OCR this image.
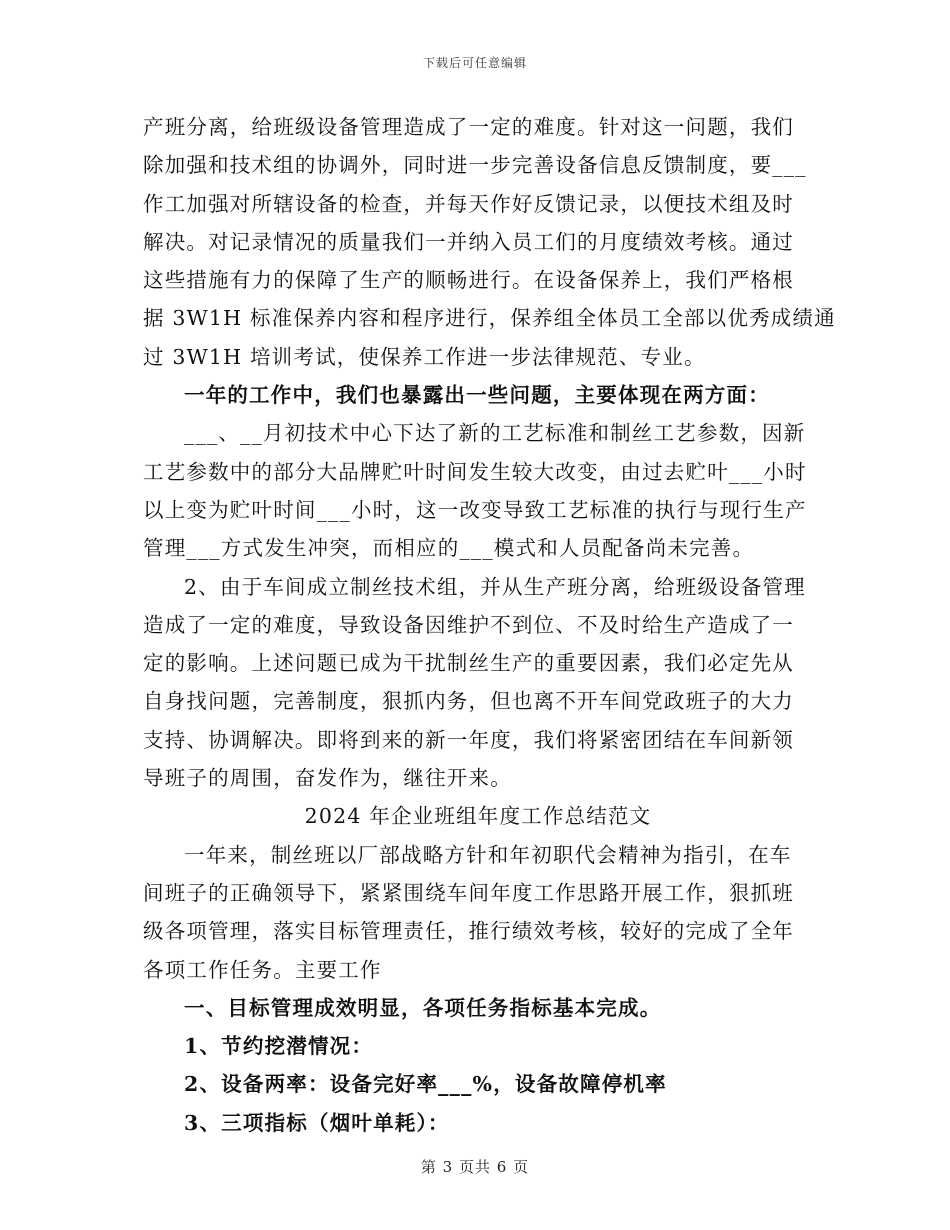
下载后可任意编辑
产班分离，给班级设备管理造成了一定的难度。针对这一问题，我们
除加强和技术组的协调外，同时进一步完善设备信息反馈制度，要___
作工加强对所辖设备的检查，并每天作好反馈记录，以便技术组及时
解决。对记录情况的质量我们一并纳入员工们的月度绩效考核。通过
这些措施有力的保障了生产的顺畅进行。在设备保养上，我们严格根
据 3W1H 标准保养内容和程序进行，保养组全体员工全部以优秀成绩通
过 3W1H 培训考试，使保养工作进一步法律规范、专业。
一年的工作中，我们也暴露出一些问题，主要体现在两方面：
___、__月初技术中心下达了新的工艺标准和制丝工艺参数，因新
工艺参数中的部分大品牌贮叶时间发生较大改变，由过去贮叶___小时
以上变为贮叶时间___小时，这一改变导致工艺标准的执行与现行生产
管理___方式发生冲突，而相应的___模式和人员配备尚未完善。
2、由于车间成立制丝技术组，并从生产班分离，给班级设备管理
造成了一定的难度，导致设备因维护不到位、不及时给生产造成了一
定的影响。上述问题已成为干扰制丝生产的重要因素，我们必定先从
自身找问题，完善制度，狠抓内务，但也离不开车间党政班子的大力
支持、协调解决。即将到来的新一年度，我们将紧密团结在车间新领
导班子的周围，奋发作为，继往开来。
2024 年企业班组年度工作总结范文
一年来，制丝班以厂部战略方针和年初职代会精神为指引，在车
间班子的正确领导下，紧紧围绕车间年度工作思路开展工作，狠抓班
级各项管理，落实目标管理责任，推行绩效考核，较好的完成了全年
各项工作任务。主要工作
一、目标管理成效明显，各项任务指标基本完成。
1、节约挖潜情况：
2、设备两率：设备完好率___%，设备故障停机率
3、三项指标（烟叶单耗）：
第 3 页共 6 页
